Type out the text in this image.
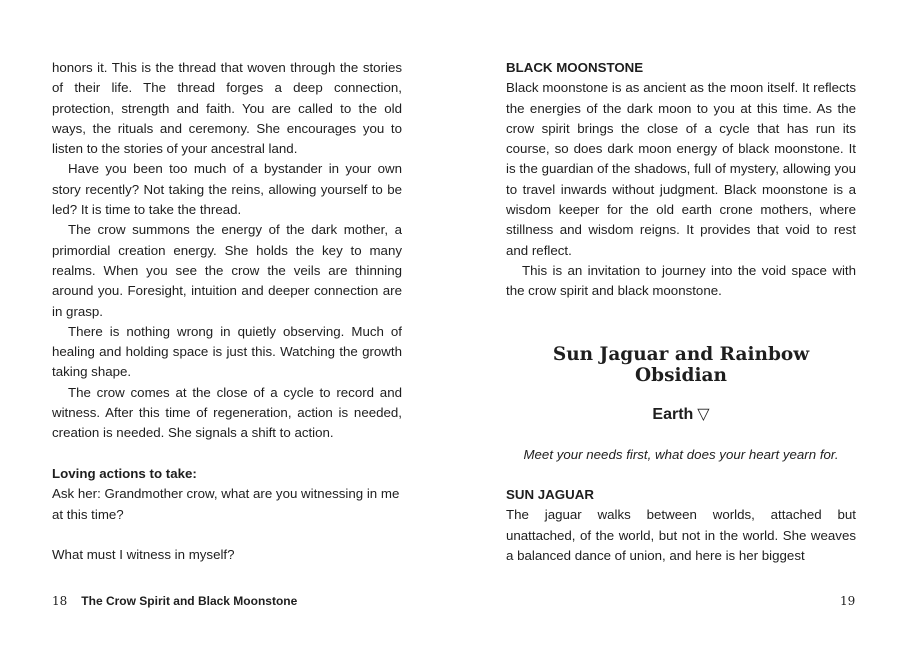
honors it. This is the thread that woven through the stories of their life. The thread forges a deep connection, protection, strength and faith. You are called to the old ways, the rituals and ceremony. She encourages you to listen to the stories of your ancestral land.

Have you been too much of a bystander in your own story recently? Not taking the reins, allowing yourself to be led? It is time to take the thread.

The crow summons the energy of the dark mother, a primordial creation energy. She holds the key to many realms. When you see the crow the veils are thinning around you. Foresight, intuition and deeper connection are in grasp.

There is nothing wrong in quietly observing. Much of healing and holding space is just this. Watching the growth taking shape.

The crow comes at the close of a cycle to record and witness. After this time of regeneration, action is needed, creation is needed. She signals a shift to action.

Loving actions to take:

Ask her: Grandmother crow, what are you witnessing in me at this time?

What must I witness in myself?

BLACK MOONSTONE

Black moonstone is as ancient as the moon itself. It reflects the energies of the dark moon to you at this time. As the crow spirit brings the close of a cycle that has run its course, so does dark moon energy of black moonstone. It is the guardian of the shadows, full of mystery, allowing you to travel inwards without judgment. Black moonstone is a wisdom keeper for the old earth crone mothers, where stillness and wisdom reigns. It provides that void to rest and reflect.

This is an invitation to journey into the void space with the crow spirit and black moonstone.

Sun Jaguar and Rainbow Obsidian
Earth ▽

Meet your needs first, what does your heart yearn for.

SUN JAGUAR

The jaguar walks between worlds, attached but unattached, of the world, but not in the world. She weaves a balanced dance of union, and here is her biggest

18 The Crow Spirit and Black Moonstone	19
